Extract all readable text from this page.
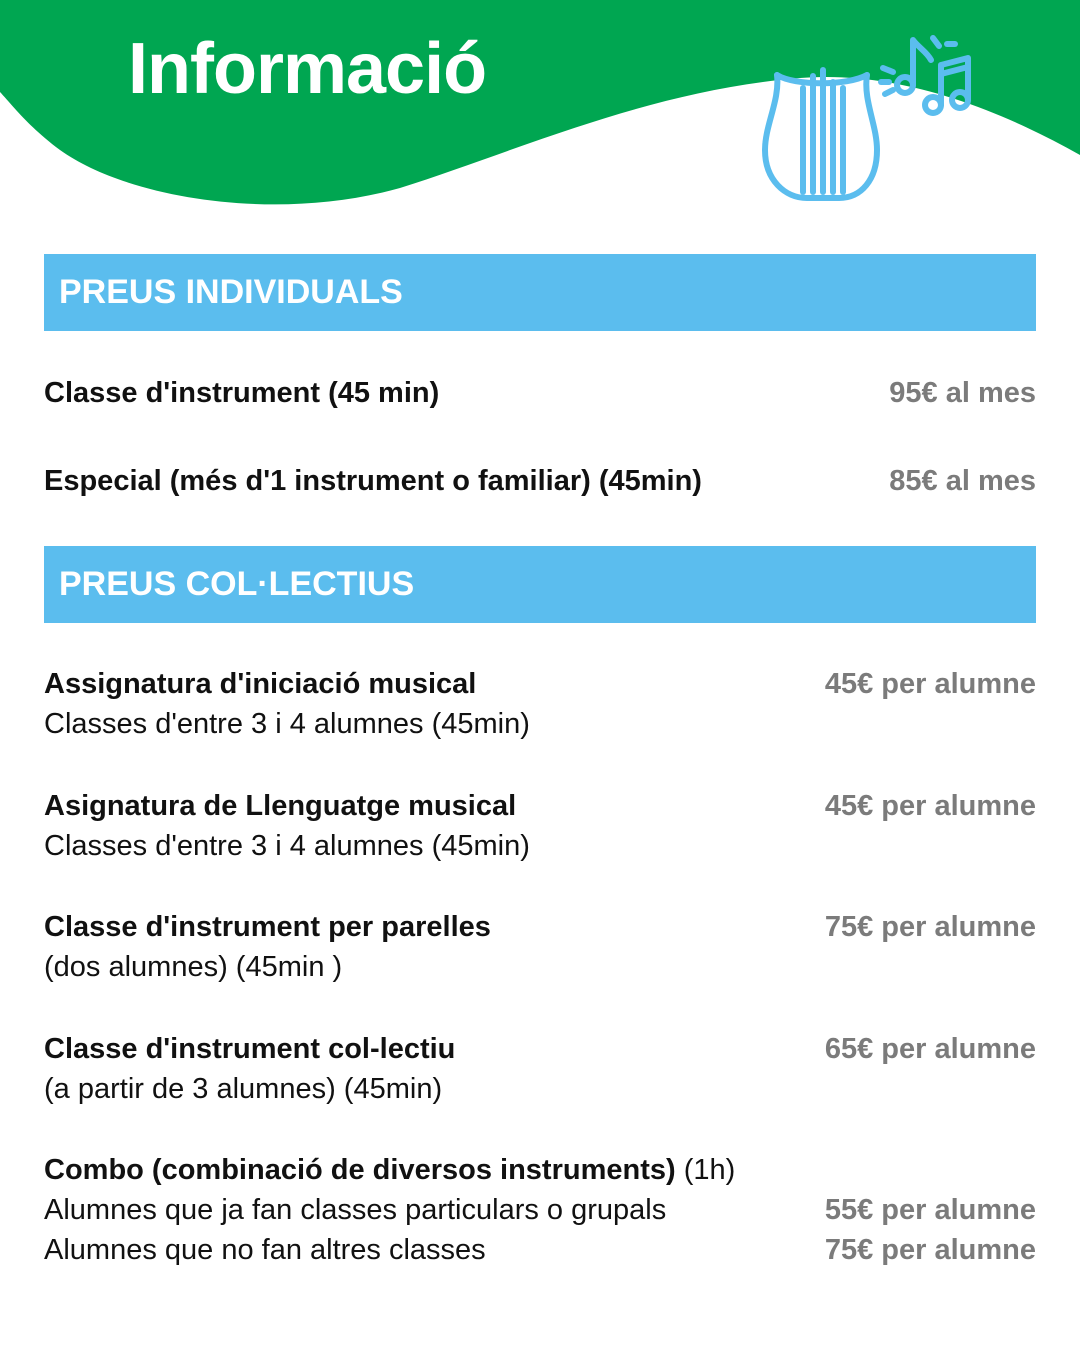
Informació
PREUS INDIVIDUALS
Classe d'instrument (45 min)	95€ al mes
Especial (més d'1 instrument o familiar) (45min)	85€ al mes
PREUS COL·LECTIUS
Assignatura d'iniciació musical	45€ per alumne
Classes d'entre 3 i 4 alumnes (45min)
Asignatura de Llenguatge musical	45€ per alumne
Classes d'entre 3 i 4 alumnes (45min)
Classe d'instrument per parelles	75€ per alumne
(dos alumnes) (45min )
Classe d'instrument col-lectiu	65€ per alumne
(a partir de 3 alumnes) (45min)
Combo (combinació de diversos instruments) (1h)
Alumnes que ja fan classes particulars o grupals	55€ per alumne
Alumnes que no fan altres classes	75€ per alumne
